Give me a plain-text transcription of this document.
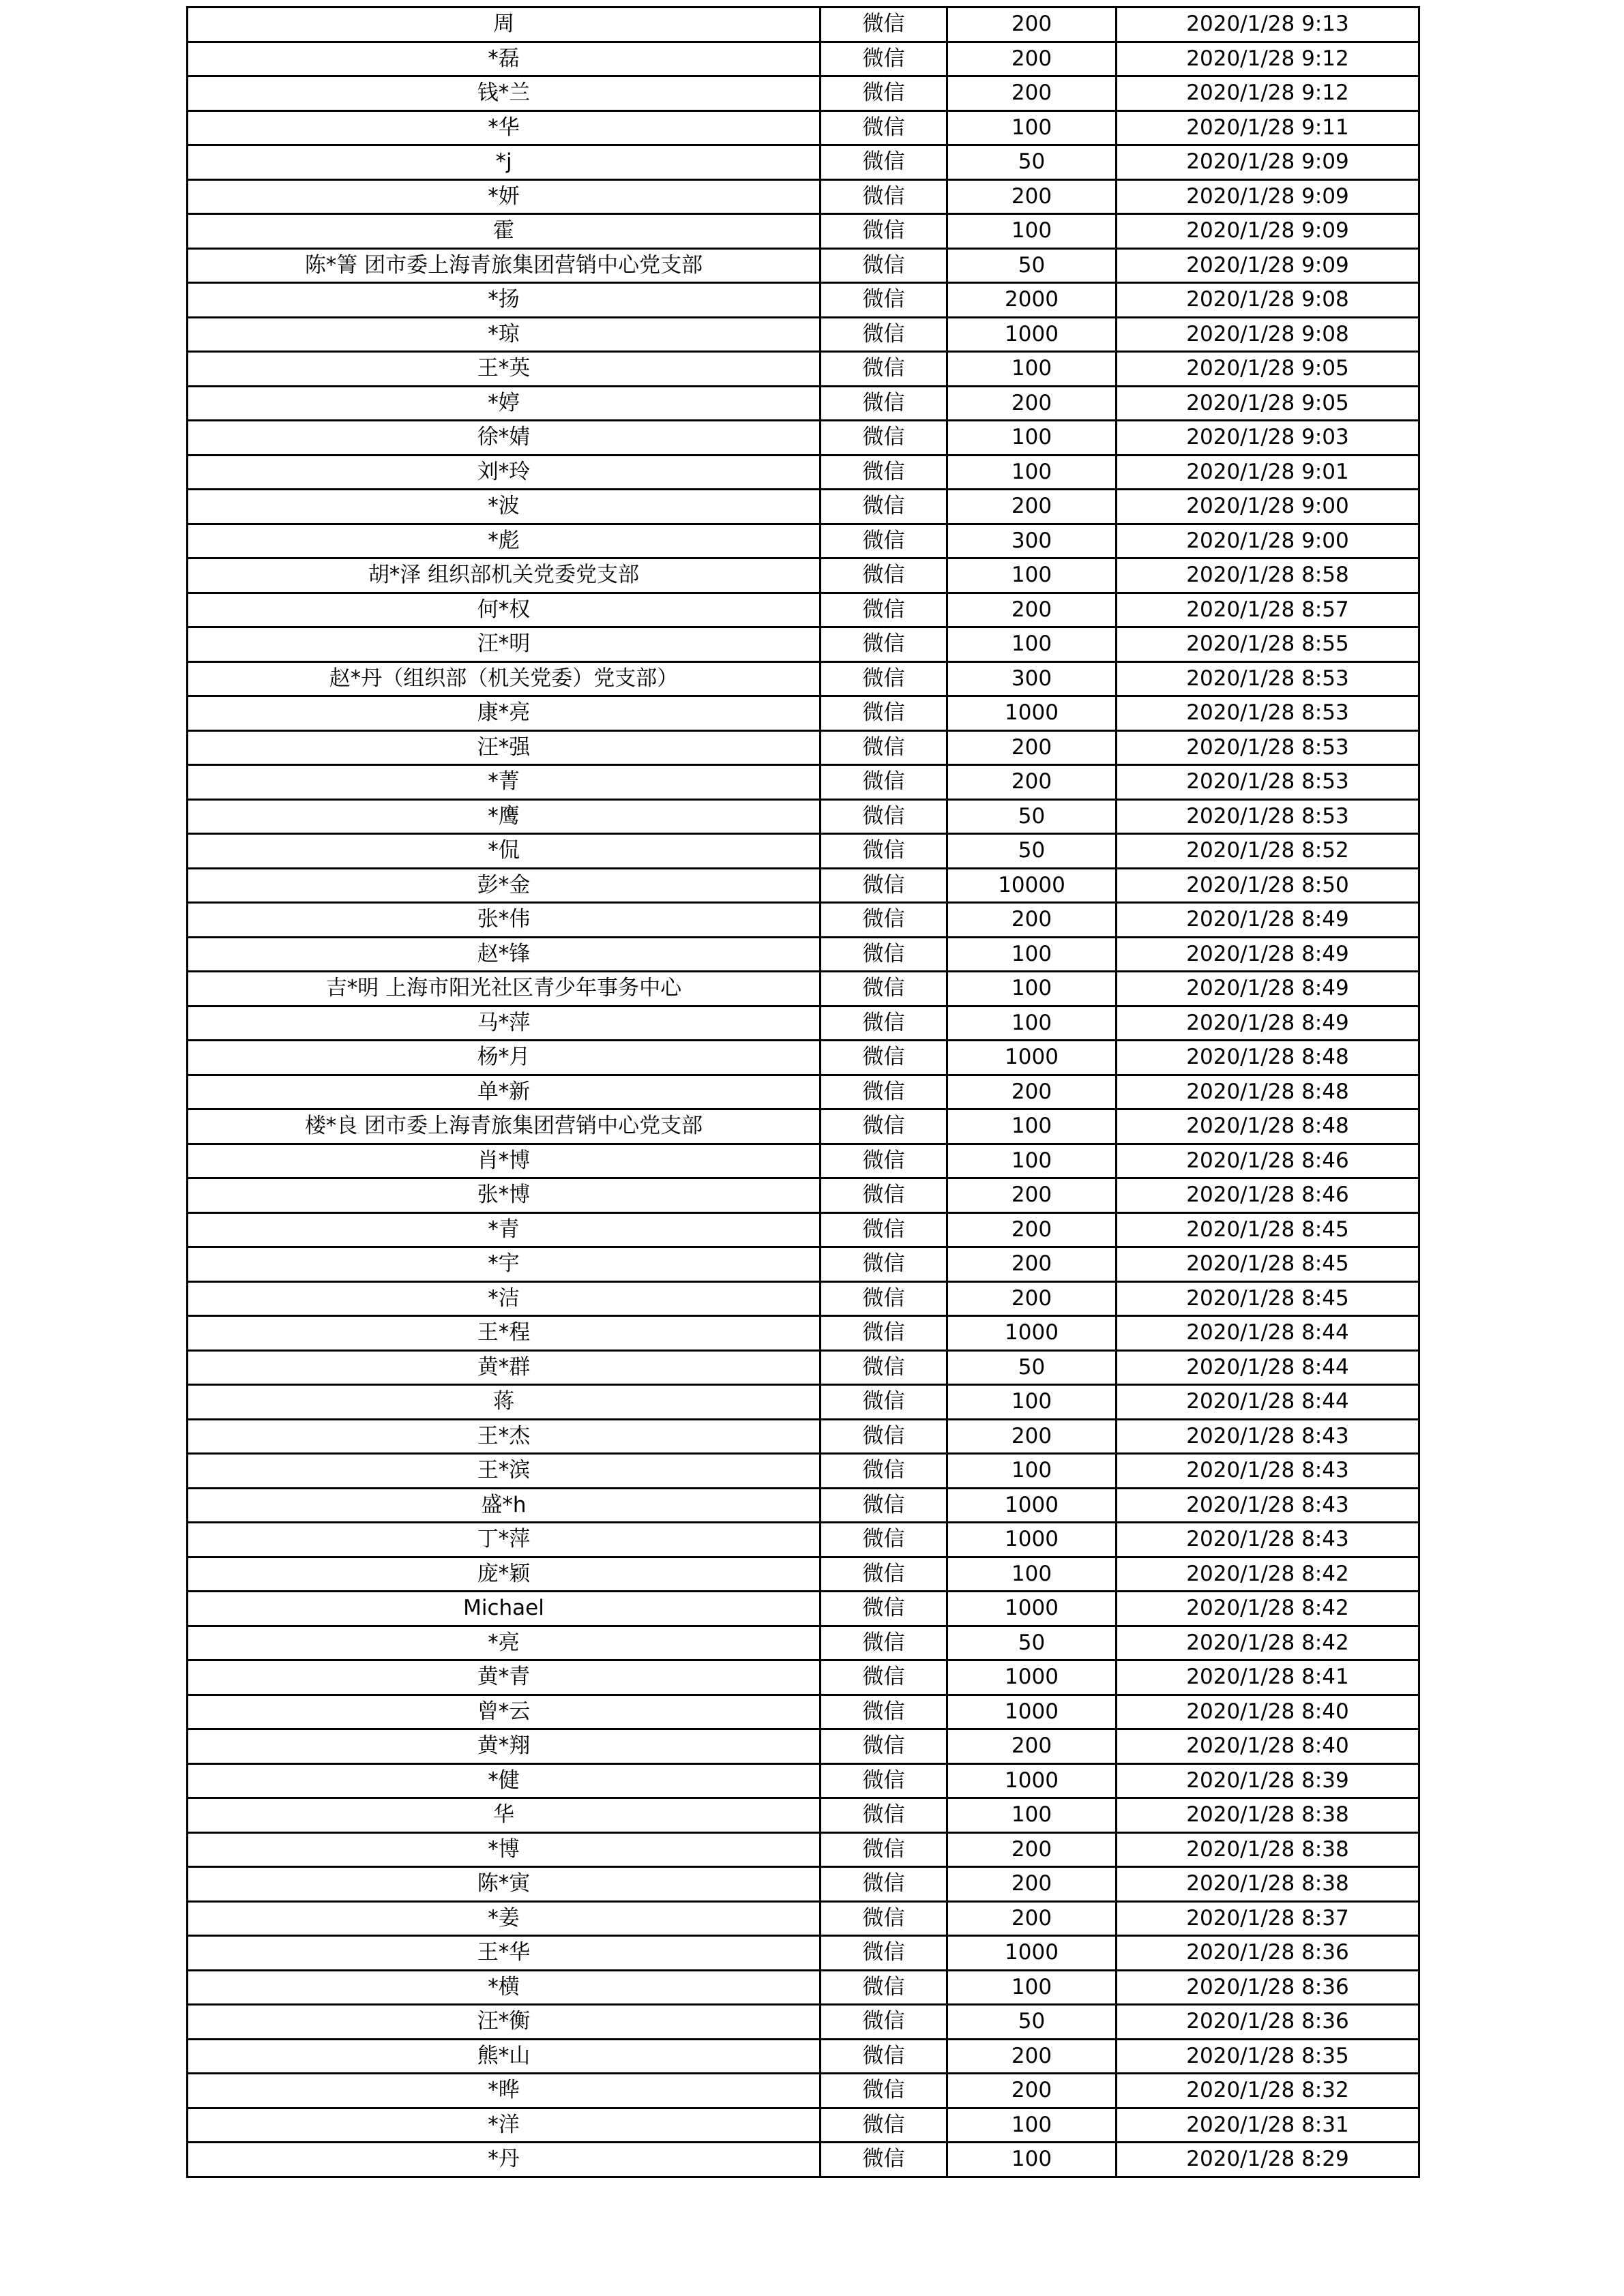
周	微信	200	2020/1/28 9:13
*磊	微信	200	2020/1/28 9:12
钱*兰	微信	200	2020/1/28 9:12
*华	微信	100	2020/1/28 9:11
*j	微信	50	2020/1/28 9:09
*妍	微信	200	2020/1/28 9:09
霍	微信	100	2020/1/28 9:09
陈*箐 团市委上海青旅集团营销中心党支部	微信	50	2020/1/28 9:09
*扬	微信	2000	2020/1/28 9:08
*琼	微信	1000	2020/1/28 9:08
王*英	微信	100	2020/1/28 9:05
*婷	微信	200	2020/1/28 9:05
徐*婧	微信	100	2020/1/28 9:03
刘*玲	微信	100	2020/1/28 9:01
*波	微信	200	2020/1/28 9:00
*彪	微信	300	2020/1/28 9:00
胡*泽 组织部机关党委党支部	微信	100	2020/1/28 8:58
何*权	微信	200	2020/1/28 8:57
汪*明	微信	100	2020/1/28 8:55
赵*丹（组织部（机关党委）党支部）	微信	300	2020/1/28 8:53
康*亮	微信	1000	2020/1/28 8:53
汪*强	微信	200	2020/1/28 8:53
*菁	微信	200	2020/1/28 8:53
*鹰	微信	50	2020/1/28 8:53
*侃	微信	50	2020/1/28 8:52
彭*金	微信	10000	2020/1/28 8:50
张*伟	微信	200	2020/1/28 8:49
赵*锋	微信	100	2020/1/28 8:49
吉*明 上海市阳光社区青少年事务中心	微信	100	2020/1/28 8:49
马*萍	微信	100	2020/1/28 8:49
杨*月	微信	1000	2020/1/28 8:48
单*新	微信	200	2020/1/28 8:48
楼*良 团市委上海青旅集团营销中心党支部	微信	100	2020/1/28 8:48
肖*博	微信	100	2020/1/28 8:46
张*博	微信	200	2020/1/28 8:46
*青	微信	200	2020/1/28 8:45
*宇	微信	200	2020/1/28 8:45
*洁	微信	200	2020/1/28 8:45
王*程	微信	1000	2020/1/28 8:44
黄*群	微信	50	2020/1/28 8:44
蒋	微信	100	2020/1/28 8:44
王*杰	微信	200	2020/1/28 8:43
王*滨	微信	100	2020/1/28 8:43
盛*h	微信	1000	2020/1/28 8:43
丁*萍	微信	1000	2020/1/28 8:43
庞*颖	微信	100	2020/1/28 8:42
Michael	微信	1000	2020/1/28 8:42
*亮	微信	50	2020/1/28 8:42
黄*青	微信	1000	2020/1/28 8:41
曾*云	微信	1000	2020/1/28 8:40
黄*翔	微信	200	2020/1/28 8:40
*健	微信	1000	2020/1/28 8:39
华	微信	100	2020/1/28 8:38
*博	微信	200	2020/1/28 8:38
陈*寅	微信	200	2020/1/28 8:38
*姜	微信	200	2020/1/28 8:37
王*华	微信	1000	2020/1/28 8:36
*横	微信	100	2020/1/28 8:36
汪*衡	微信	50	2020/1/28 8:36
熊*山	微信	200	2020/1/28 8:35
*晔	微信	200	2020/1/28 8:32
*洋	微信	100	2020/1/28 8:31
*丹	微信	100	2020/1/28 8:29
